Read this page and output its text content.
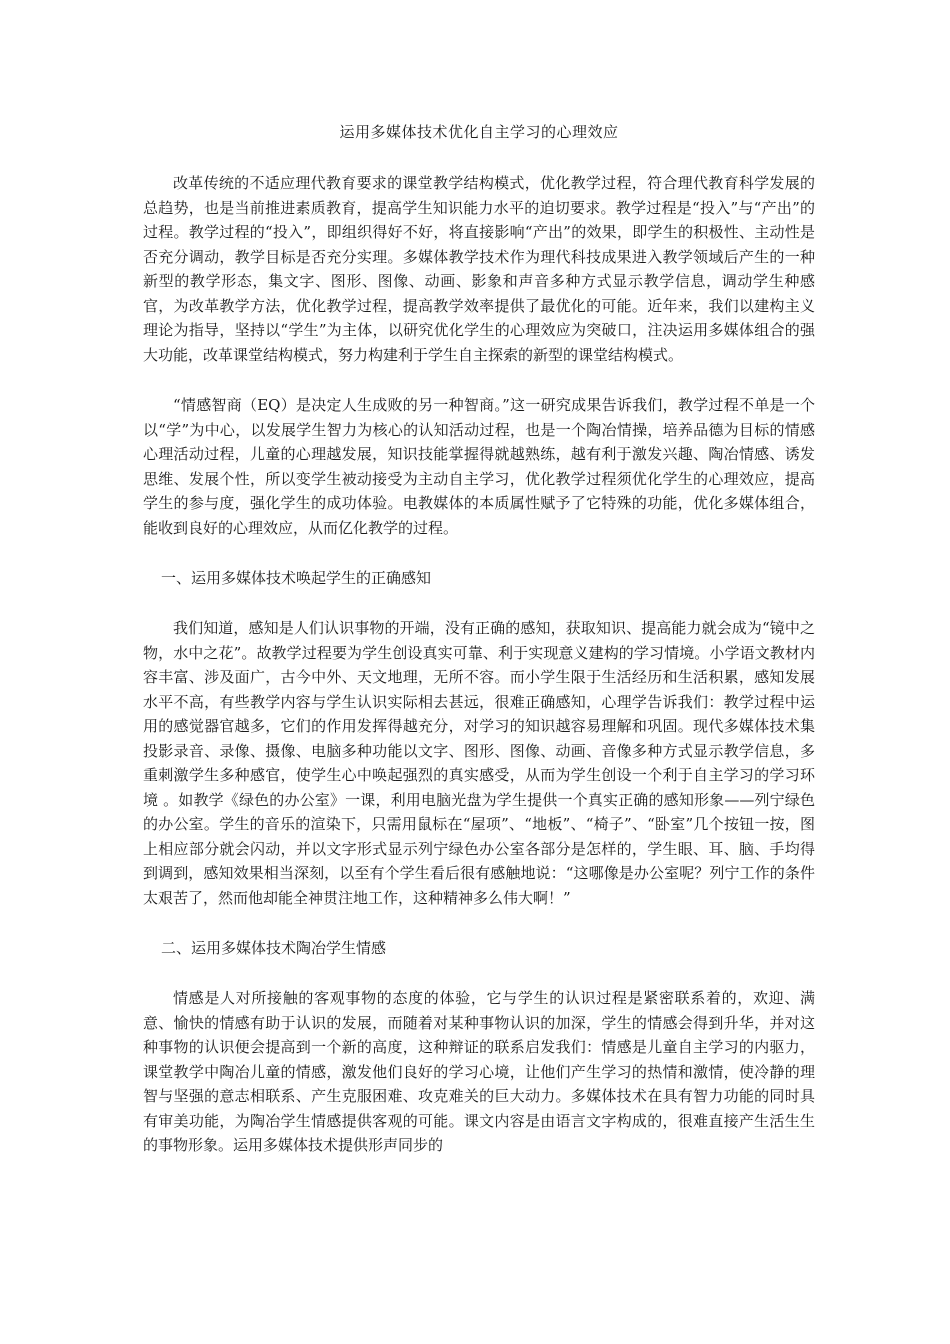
运用多媒体技术优化自主学习的心理效应

改革传统的不适应理代教育要求的课堂教学结构模式，优化教学过程，符合理代教育科学发展的总趋势，也是当前推进素质教育，提高学生知识能力水平的迫切要求。教学过程是“投入”与“产出”的过程。教学过程的“投入”，即组织得好不好，将直接影响“产出”的效果，即学生的积极性、主动性是否充分调动，教学目标是否充分实理。多媒体教学技术作为理代科技成果进入教学领域后产生的一种新型的教学形态，集文字、图形、图像、动画、影象和声音多种方式显示教学信息，调动学生种感官，为改革教学方法，优化教学过程，提高教学效率提供了最优化的可能。近年来，我们以建构主义理论为指导，坚持以“学生”为主体，以研究优化学生的心理效应为突破口，注决运用多媒体组合的强大功能，改革课堂结构模式，努力构建利于学生自主探索的新型的课堂结构模式。

“情感智商（EQ）是决定人生成败的另一种智商。”这一研究成果告诉我们，教学过程不单是一个以“学”为中心，以发展学生智力为核心的认知活动过程，也是一个陶冶情操，培养品德为目标的情感心理活动过程，儿童的心理越发展，知识技能掌握得就越熟练，越有利于激发兴趣、陶冶情感、诱发思维、发展个性，所以变学生被动接受为主动自主学习，优化教学过程须优化学生的心理效应，提高学生的参与度，强化学生的成功体验。电教媒体的本质属性赋予了它特殊的功能，优化多媒体组合，能收到良好的心理效应，从而亿化教学的过程。

一、运用多媒体技术唤起学生的正确感知

我们知道，感知是人们认识事物的开端，没有正确的感知，获取知识、提高能力就会成为“镜中之物，水中之花”。故教学过程要为学生创设真实可靠、利于实现意义建构的学习情境。小学语文教材内容丰富、涉及面广，古今中外、天文地理，无所不容。而小学生限于生活经历和生活积累，感知发展水平不高，有些教学内容与学生认识实际相去甚远，很难正确感知，心理学告诉我们：教学过程中运用的感觉器官越多，它们的作用发挥得越充分，对学习的知识越容易理解和巩固。现代多媒体技术集投影录音、录像、摄像、电脑多种功能以文字、图形、图像、动画、音像多种方式显示教学信息，多重刺激学生多种感官，使学生心中唤起强烈的真实感受，从而为学生创设一个利于自主学习的学习环境 。如教学《绿色的办公室》一课，利用电脑光盘为学生提供一个真实正确的感知形象——列宁绿色的办公室。学生的音乐的渲染下，只需用鼠标在“屋项”、“地板”、“椅子”、“卧室”几个按钮一按，图上相应部分就会闪动，并以文字形式显示列宁绿色办公室各部分是怎样的，学生眼、耳、脑、手均得到调到，感知效果相当深刻，以至有个学生看后很有感触地说：“这哪像是办公室呢？列宁工作的条件太艰苦了，然而他却能全神贯注地工作，这种精神多么伟大啊！”

二、运用多媒体技术陶冶学生情感

情感是人对所接触的客观事物的态度的体验，它与学生的认识过程是紧密联系着的，欢迎、满意、愉快的情感有助于认识的发展，而随着对某种事物认识的加深，学生的情感会得到升华，并对这种事物的认识便会提高到一个新的高度，这种辩证的联系启发我们：情感是儿童自主学习的内驱力，课堂教学中陶冶儿童的情感，激发他们良好的学习心境，让他们产生学习的热情和激情，使冷静的理智与坚强的意志相联系、产生克服困难、攻克难关的巨大动力。多媒体技术在具有智力功能的同时具有审美功能，为陶冶学生情感提供客观的可能。课文内容是由语言文字构成的，很难直接产生活生生的事物形象。运用多媒体技术提供形声同步的
